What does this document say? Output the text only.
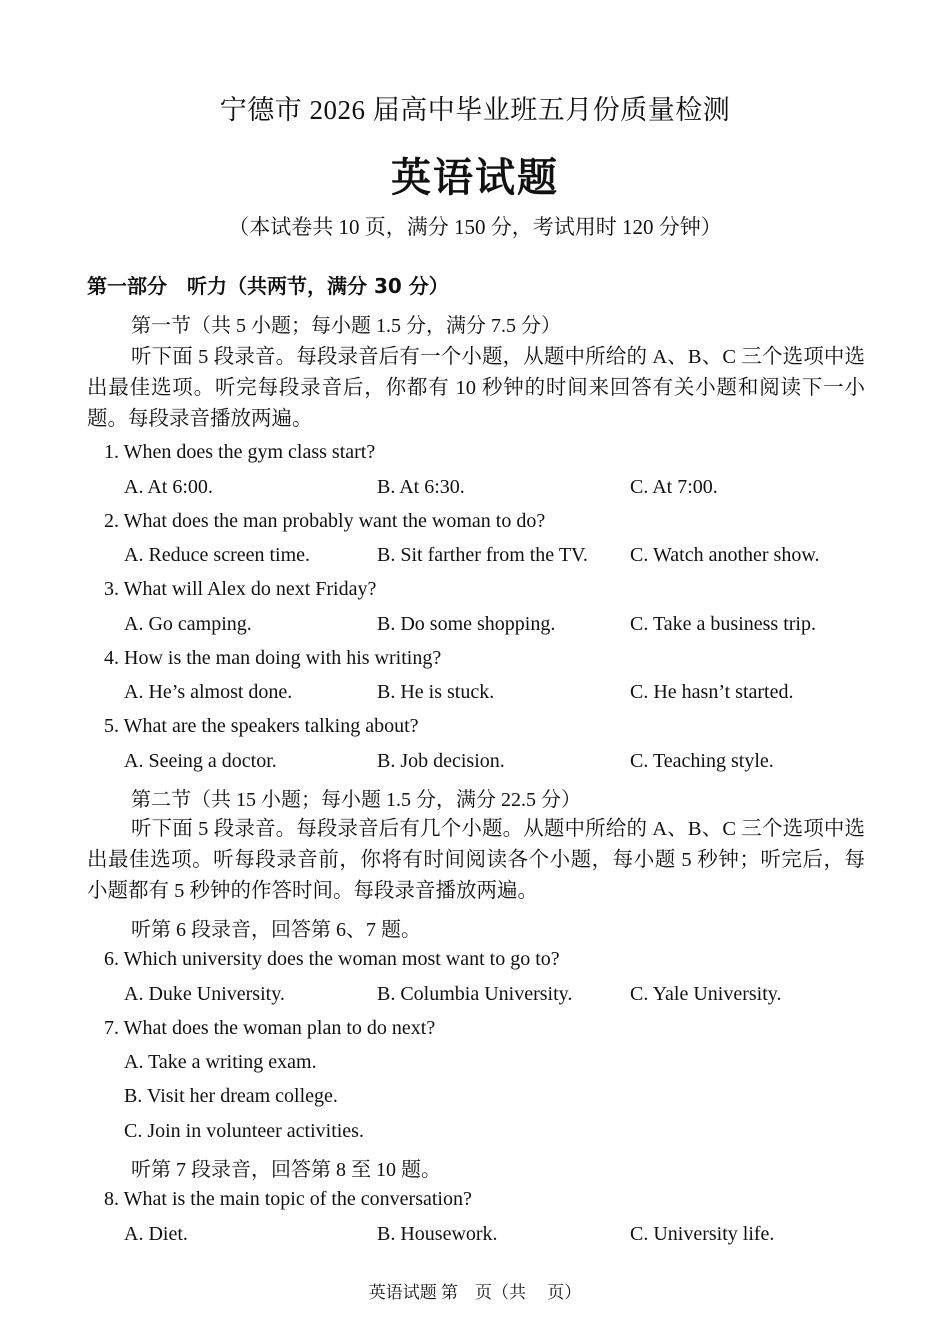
宁德市 2026 届高中毕业班五月份质量检测
英语试题
（本试卷共 10 页，满分 150 分，考试用时 120 分钟）
第一部分　听力（共两节，满分 30 分）
第一节（共 5 小题；每小题 1.5 分，满分 7.5 分）
听下面 5 段录音。每段录音后有一个小题，从题中所给的 A、B、C 三个选项中选出最佳选项。听完每段录音后，你都有 10 秒钟的时间来回答有关小题和阅读下一小题。每段录音播放两遍。
1. When does the gym class start?
A. At 6:00.	B. At 6:30.	C. At 7:00.
2. What does the man probably want the woman to do?
A. Reduce screen time.	B. Sit farther from the TV. C. Watch another show.
3. What will Alex do next Friday?
A. Go camping.	B. Do some shopping.	C. Take a business trip.
4. How is the man doing with his writing?
A. He’s almost done.	B. He is stuck.	C. He hasn’t started.
5. What are the speakers talking about?
A. Seeing a doctor.	B. Job decision.	C. Teaching style.
第二节（共 15 小题；每小题 1.5 分，满分 22.5 分）
听下面 5 段录音。每段录音后有几个小题。从题中所给的 A、B、C 三个选项中选出最佳选项。听每段录音前，你将有时间阅读各个小题，每小题 5 秒钟；听完后，每小题都有 5 秒钟的作答时间。每段录音播放两遍。
听第 6 段录音，回答第 6、7 题。
6. Which university does the woman most want to go to?
A. Duke University.	B. Columbia University.	C. Yale University.
7. What does the woman plan to do next?
A. Take a writing exam.
B. Visit her dream college.
C. Join in volunteer activities.
听第 7 段录音，回答第 8 至 10 题。
8. What is the main topic of the conversation?
A. Diet.	B. Housework.	C. University life.
英语试题 第　页（共　 页）
